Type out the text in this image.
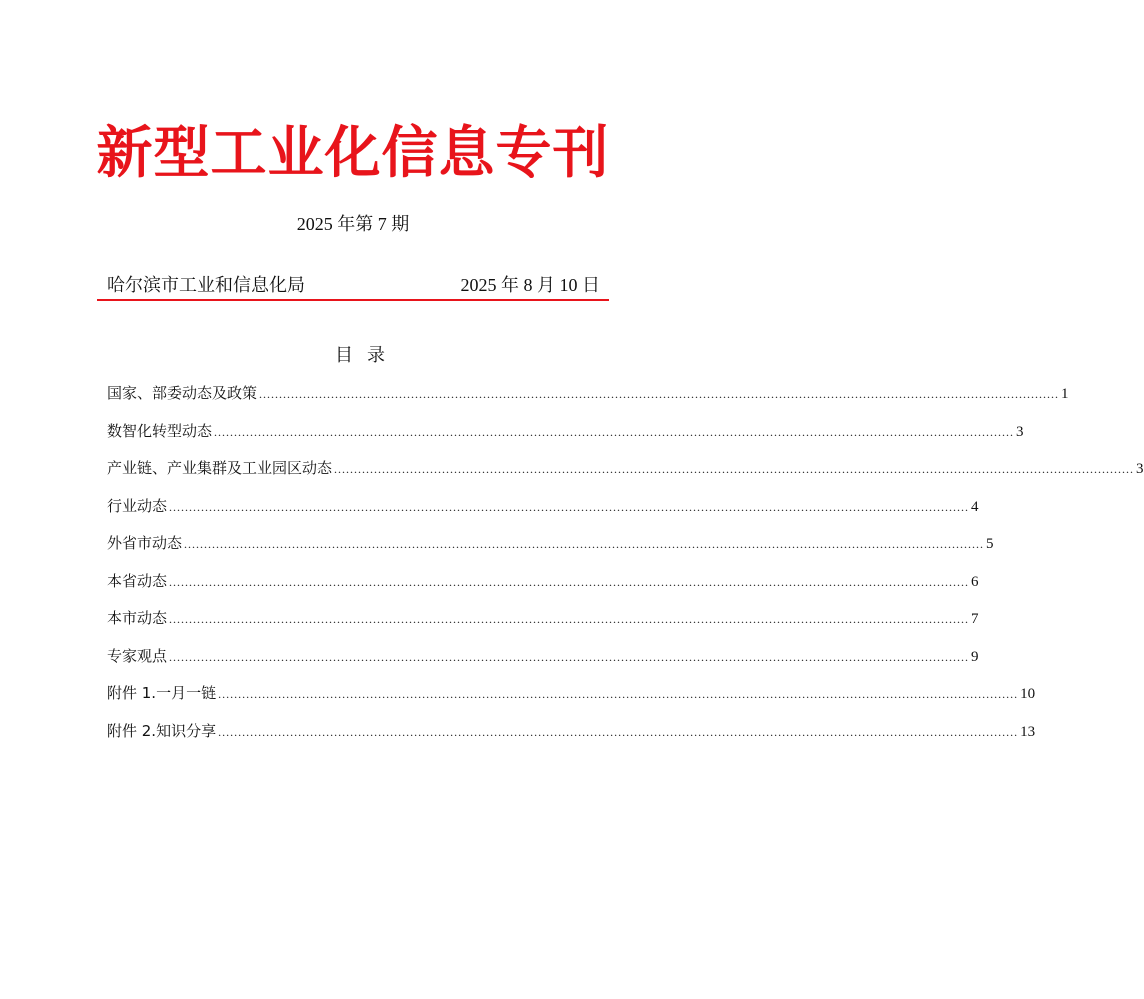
新型工业化信息专刊
2025 年第 7 期
哈尔滨市工业和信息化局	2025 年 8 月 10 日
目录
国家、部委动态及政策 ........................................................................................................................................................................................................ 1
数智化转型动态 ........................................................................................................................................................................................................ 3
产业链、产业集群及工业园区动态 ........................................................................................................................................................................................................ 3
行业动态 ........................................................................................................................................................................................................ 4
外省市动态 ........................................................................................................................................................................................................ 5
本省动态 ........................................................................................................................................................................................................ 6
本市动态 ........................................................................................................................................................................................................ 7
专家观点 ........................................................................................................................................................................................................ 9
附件 1.一月一链 ........................................................................................................................................................................................................ 10
附件 2.知识分享 ........................................................................................................................................................................................................ 13
